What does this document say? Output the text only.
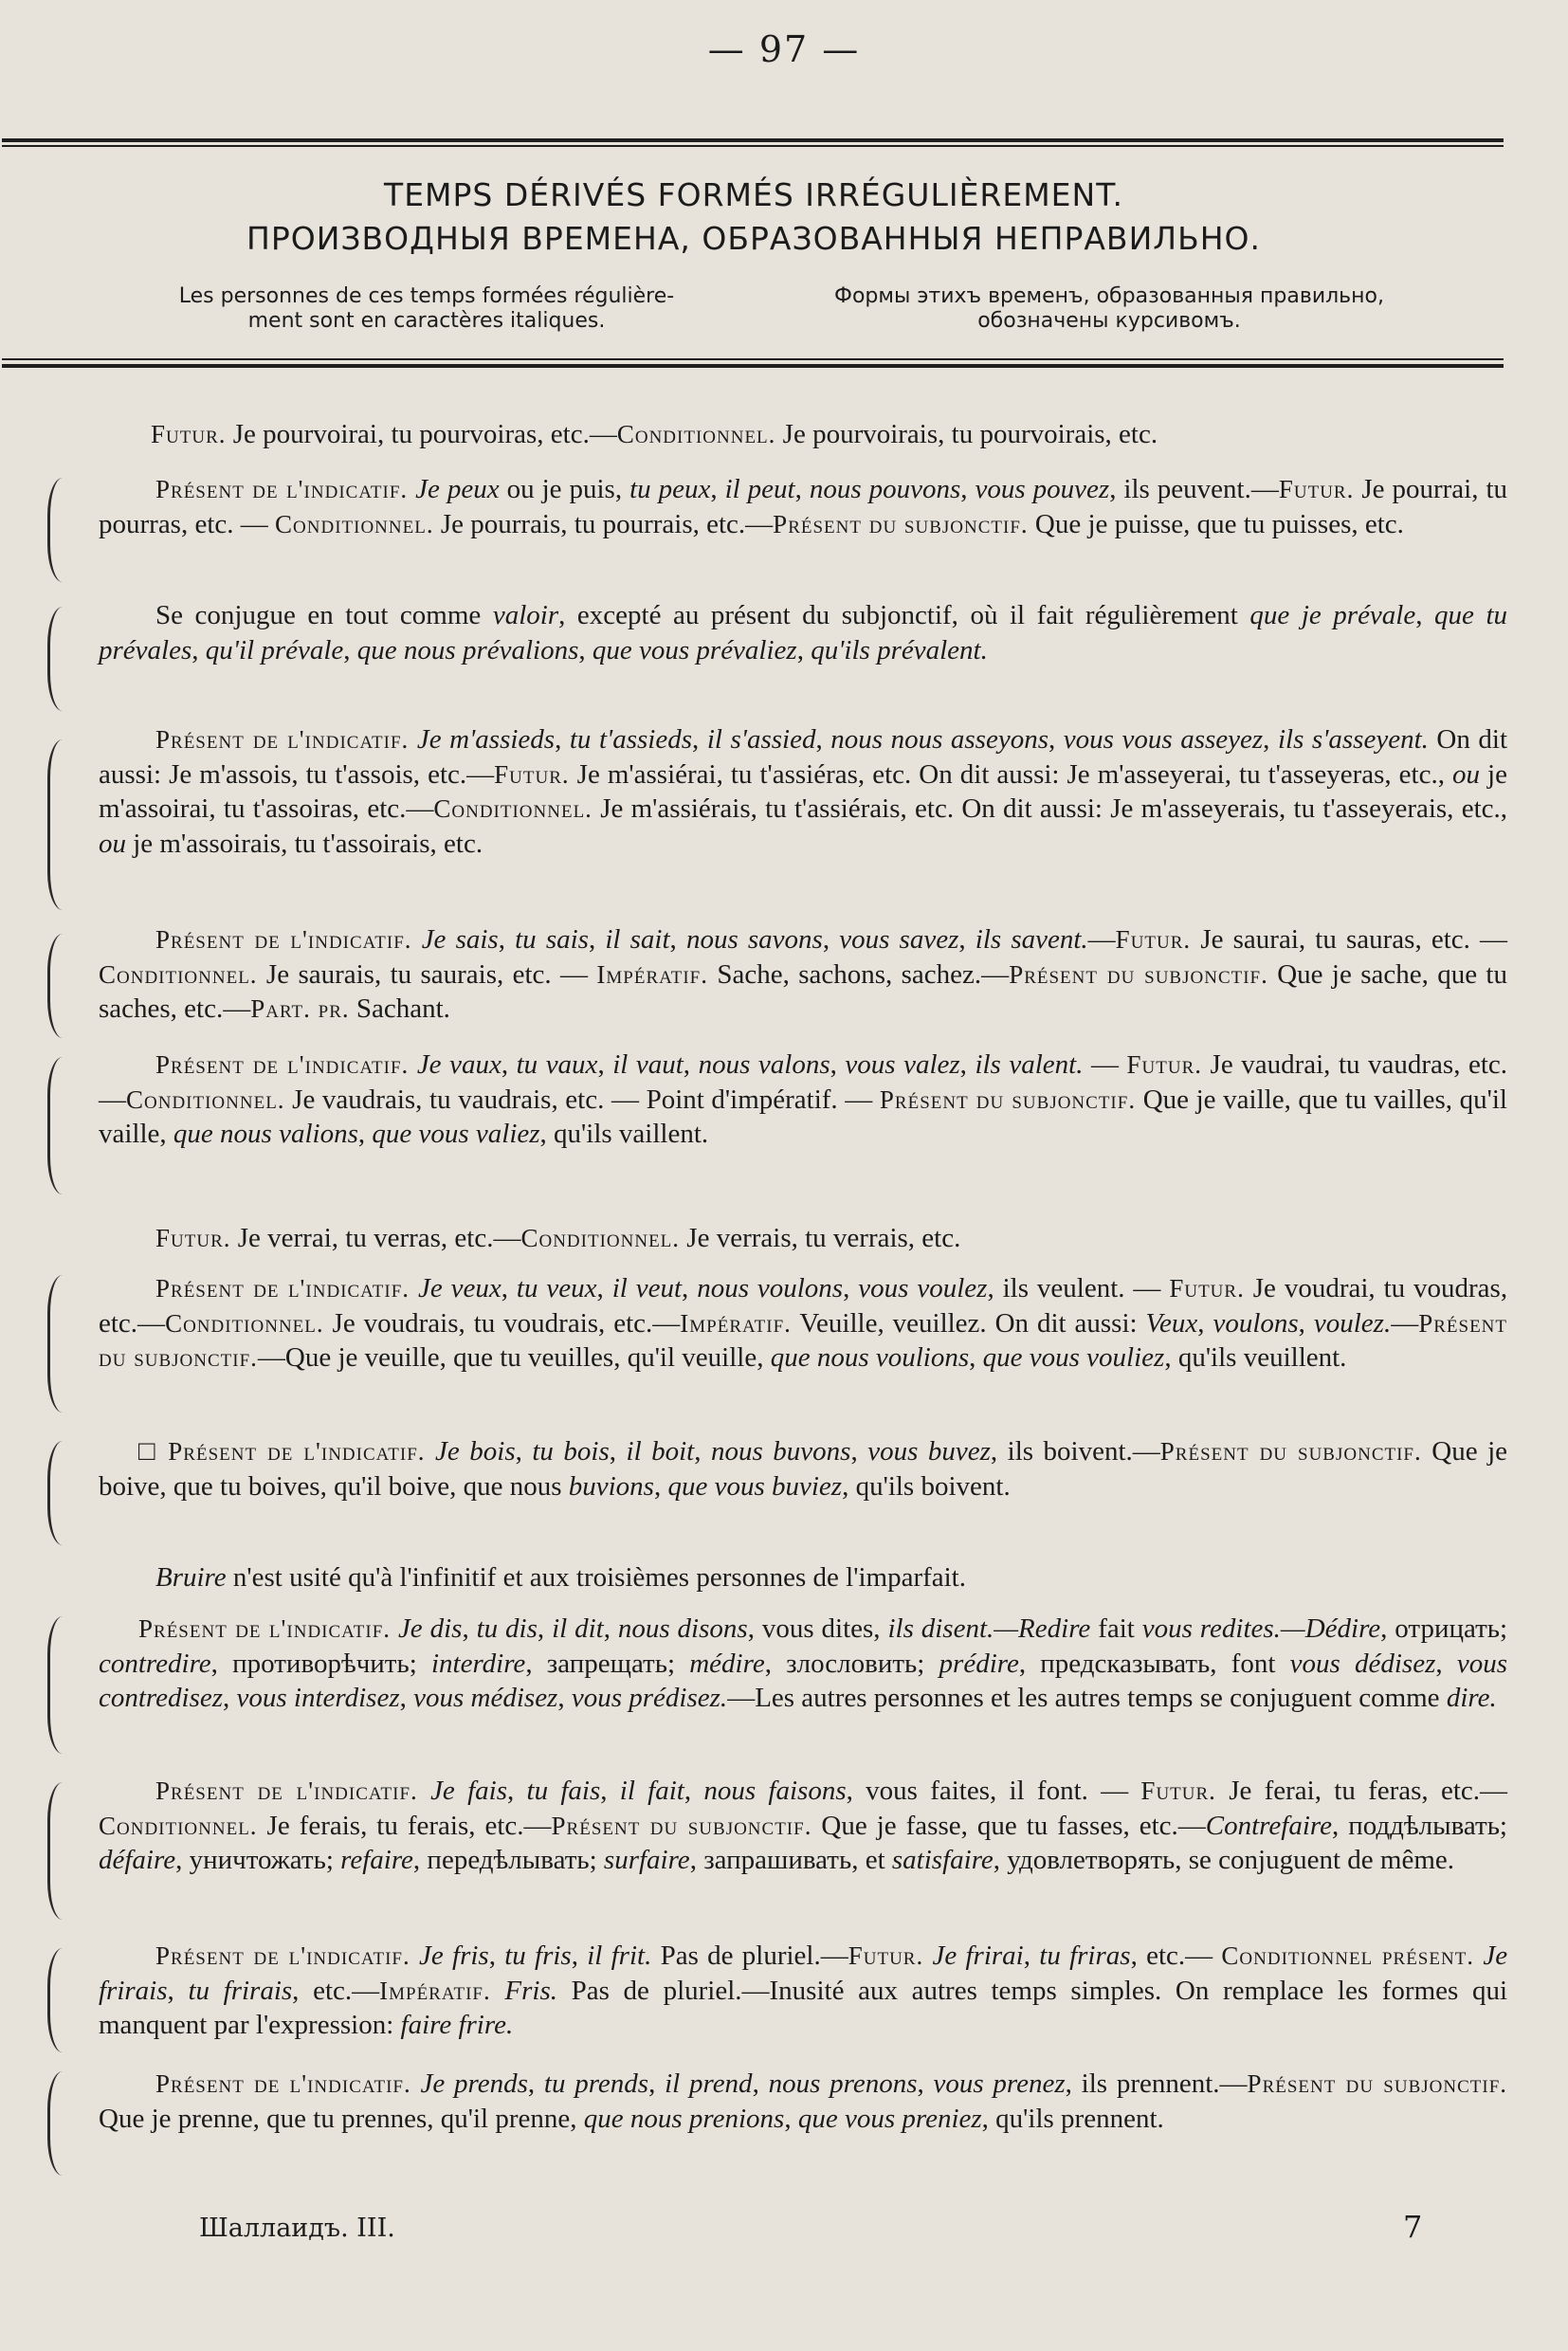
— 97 —
TEMPS DÉRIVÉS FORMÉS IRRÉGULIÈREMENT.
ПРОИЗВОДНЫЯ ВРЕМЕНА, ОБРАЗОВАННЫЯ НЕПРАВИЛЬНО.
Les personnes de ces temps formées régulière-
ment sont en caractères italiques.
Формы этихъ временъ, образованныя правильно,
обозначены курсивомъ.
Futur. Je pourvoirai, tu pourvoiras, etc.—Conditionnel. Je pourvoirais, tu pourvoirais, etc.
Présent de l'indicatif. Je peux ou je puis, tu peux, il peut, nous pouvons, vous pouvez, ils peuvent.—Futur. Je pourrai, tu pourras, etc. — Conditionnel. Je pourrais, tu pourrais, etc.—Présent du subjonctif. Que je puisse, que tu puisses, etc.
Se conjugue en tout comme valoir, excepté au présent du subjonctif, où il fait régulièrement que je prévale, que tu prévales, qu'il prévale, que nous prévalions, que vous prévaliez, qu'ils prévalent.
Présent de l'indicatif. Je m'assieds, tu t'assieds, il s'assied, nous nous asseyons, vous vous asseyez, ils s'asseyent. On dit aussi: Je m'assois, tu t'assois, etc.—Futur. Je m'assiérai, tu t'assiéras, etc. On dit aussi: Je m'asseyerai, tu t'asseyeras, etc., ou je m'assoirai, tu t'assoiras, etc.—Conditionnel. Je m'assiérais, tu t'assiérais, etc. On dit aussi: Je m'asseyerais, tu t'asseyerais, etc., ou je m'assoirais, tu t'assoirais, etc.
Présent de l'indicatif. Je sais, tu sais, il sait, nous savons, vous savez, ils savent.—Futur. Je saurai, tu sauras, etc. — Conditionnel. Je saurais, tu saurais, etc. — Impératif. Sache, sachons, sachez.—Présent du subjonctif. Que je sache, que tu saches, etc.—Part. pr. Sachant.
Présent de l'indicatif. Je vaux, tu vaux, il vaut, nous valons, vous valez, ils valent. — Futur. Je vaudrai, tu vaudras, etc.—Conditionnel. Je vaudrais, tu vaudrais, etc. — Point d'impératif. — Présent du subjonctif. Que je vaille, que tu vailles, qu'il vaille, que nous valions, que vous valiez, qu'ils vaillent.
Futur. Je verrai, tu verras, etc.—Conditionnel. Je verrais, tu verrais, etc.
Présent de l'indicatif. Je veux, tu veux, il veut, nous voulons, vous voulez, ils veulent. — Futur. Je voudrai, tu voudras, etc.—Conditionnel. Je voudrais, tu voudrais, etc.—Impératif. Veuille, veuillez. On dit aussi: Veux, voulons, voulez.—Présent du subjonctif.—Que je veuille, que tu veuilles, qu'il veuille, que nous voulions, que vous vouliez, qu'ils veuillent.
□ Présent de l'indicatif. Je bois, tu bois, il boit, nous buvons, vous buvez, ils boivent.—Présent du subjonctif. Que je boive, que tu boives, qu'il boive, que nous buvions, que vous buviez, qu'ils boivent.
Bruire n'est usité qu'à l'infinitif et aux troisièmes personnes de l'imparfait.
Présent de l'indicatif. Je dis, tu dis, il dit, nous disons, vous dites, ils disent.—Redire fait vous redites.—Dédire, отрицать; contredire, противорѣчить; interdire, запрещать; médire, злословить; prédire, предсказывать, font vous dédisez, vous contredisez, vous interdisez, vous médisez, vous prédisez.—Les autres personnes et les autres temps se conjuguent comme dire.
Présent de l'indicatif. Je fais, tu fais, il fait, nous faisons, vous faites, il font. — Futur. Je ferai, tu feras, etc.—Conditionnel. Je ferais, tu ferais, etc.—Présent du subjonctif. Que je fasse, que tu fasses, etc.—Contrefaire, поддѣлывать; défaire, уничтожать; refaire, передѣлывать; surfaire, запрашивать, et satisfaire, удовлетворять, se conjuguent de même.
Présent de l'indicatif. Je fris, tu fris, il frit. Pas de pluriel.—Futur. Je frirai, tu friras, etc.— Conditionnel présent. Je frirais, tu frirais, etc.—Impératif. Fris. Pas de pluriel.—Inusité aux autres temps simples. On remplace les formes qui manquent par l'expression: faire frire.
Présent de l'indicatif. Je prends, tu prends, il prend, nous prenons, vous prenez, ils prennent.—Présent du subjonctif. Que je prenne, que tu prennes, qu'il prenne, que nous prenions, que vous preniez, qu'ils prennent.
Шаллаидъ. III.	7
